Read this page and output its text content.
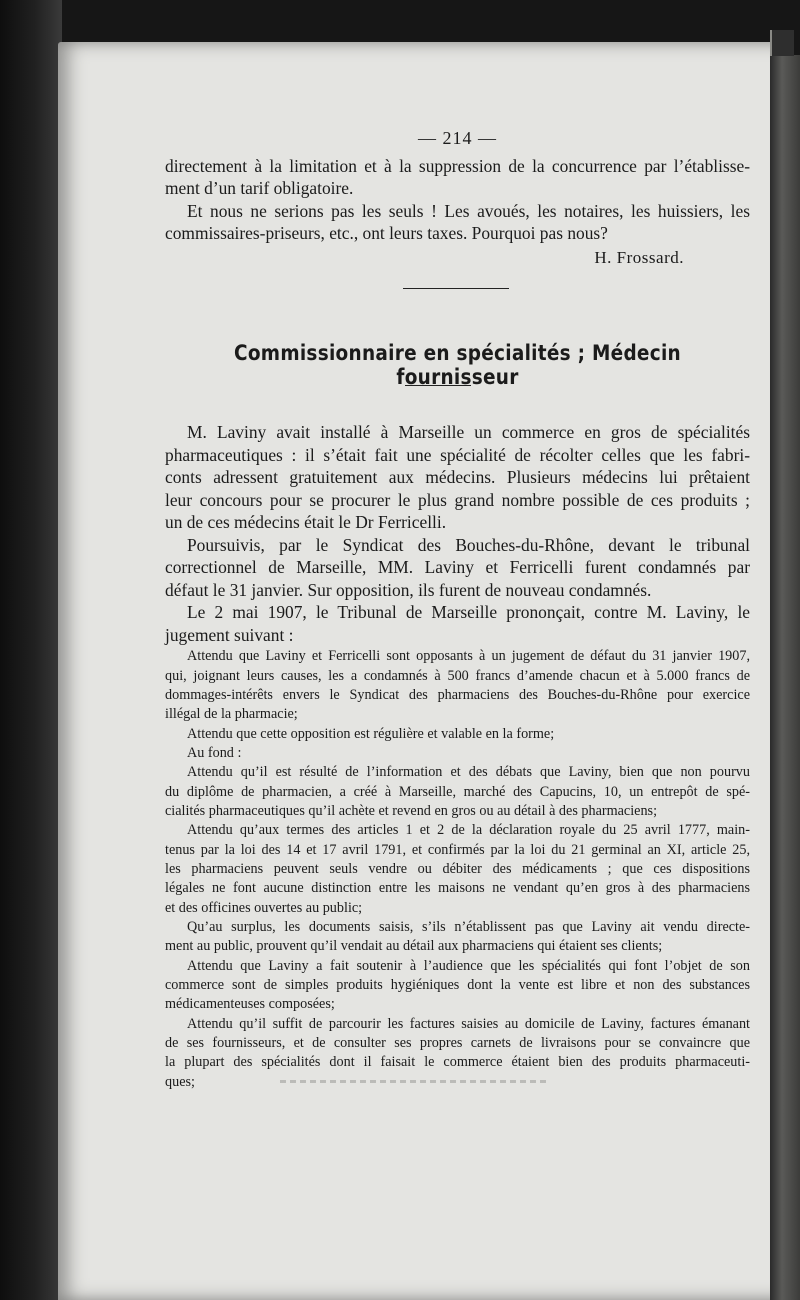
— 214 —
directement à la limitation et à la suppression de la concurrence par l’établisse-
ment d’un tarif obligatoire.
Et nous ne serions pas les seuls ! Les avoués, les notaires, les huissiers, les
commissaires-priseurs, etc., ont leurs taxes. Pourquoi pas nous?
H. Frossard.
Commissionnaire en spécialités ; Médecin fournisseur
M. Laviny avait installé à Marseille un commerce en gros de spécialités
pharmaceutiques : il s’était fait une spécialité de récolter celles que les fabri-
conts adressent gratuitement aux médecins. Plusieurs médecins lui prêtaient
leur concours pour se procurer le plus grand nombre possible de ces produits ;
un de ces médecins était le Dr Ferricelli.
Poursuivis, par le Syndicat des Bouches-du-Rhône, devant le tribunal
correctionnel de Marseille, MM. Laviny et Ferricelli furent condamnés par
défaut le 31 janvier. Sur opposition, ils furent de nouveau condamnés.
Le 2 mai 1907, le Tribunal de Marseille prononçait, contre M. Laviny, le
jugement suivant :
Attendu que Laviny et Ferricelli sont opposants à un jugement de défaut du 31 janvier 1907,
qui, joignant leurs causes, les a condamnés à 500 francs d’amende chacun et à 5.000 francs de
dommages-intérêts envers le Syndicat des pharmaciens des Bouches-du-Rhône pour exercice
illégal de la pharmacie;
Attendu que cette opposition est régulière et valable en la forme;
Au fond :
Attendu qu’il est résulté de l’information et des débats que Laviny, bien que non pourvu
du diplôme de pharmacien, a créé à Marseille, marché des Capucins, 10, un entrepôt de spé-
cialités pharmaceutiques qu’il achète et revend en gros ou au détail à des pharmaciens;
Attendu qu’aux termes des articles 1 et 2 de la déclaration royale du 25 avril 1777, main-
tenus par la loi des 14 et 17 avril 1791, et confirmés par la loi du 21 germinal an XI, article 25,
les pharmaciens peuvent seuls vendre ou débiter des médicaments ; que ces dispositions
légales ne font aucune distinction entre les maisons ne vendant qu’en gros à des pharmaciens
et des officines ouvertes au public;
Qu’au surplus, les documents saisis, s’ils n’établissent pas que Laviny ait vendu directe-
ment au public, prouvent qu’il vendait au détail aux pharmaciens qui étaient ses clients;
Attendu que Laviny a fait soutenir à l’audience que les spécialités qui font l’objet de son
commerce sont de simples produits hygiéniques dont la vente est libre et non des substances
médicamenteuses composées;
Attendu qu’il suffit de parcourir les factures saisies au domicile de Laviny, factures émanant
de ses fournisseurs, et de consulter ses propres carnets de livraisons pour se convaincre que
la plupart des spécialités dont il faisait le commerce étaient bien des produits pharmaceuti-
ques;
